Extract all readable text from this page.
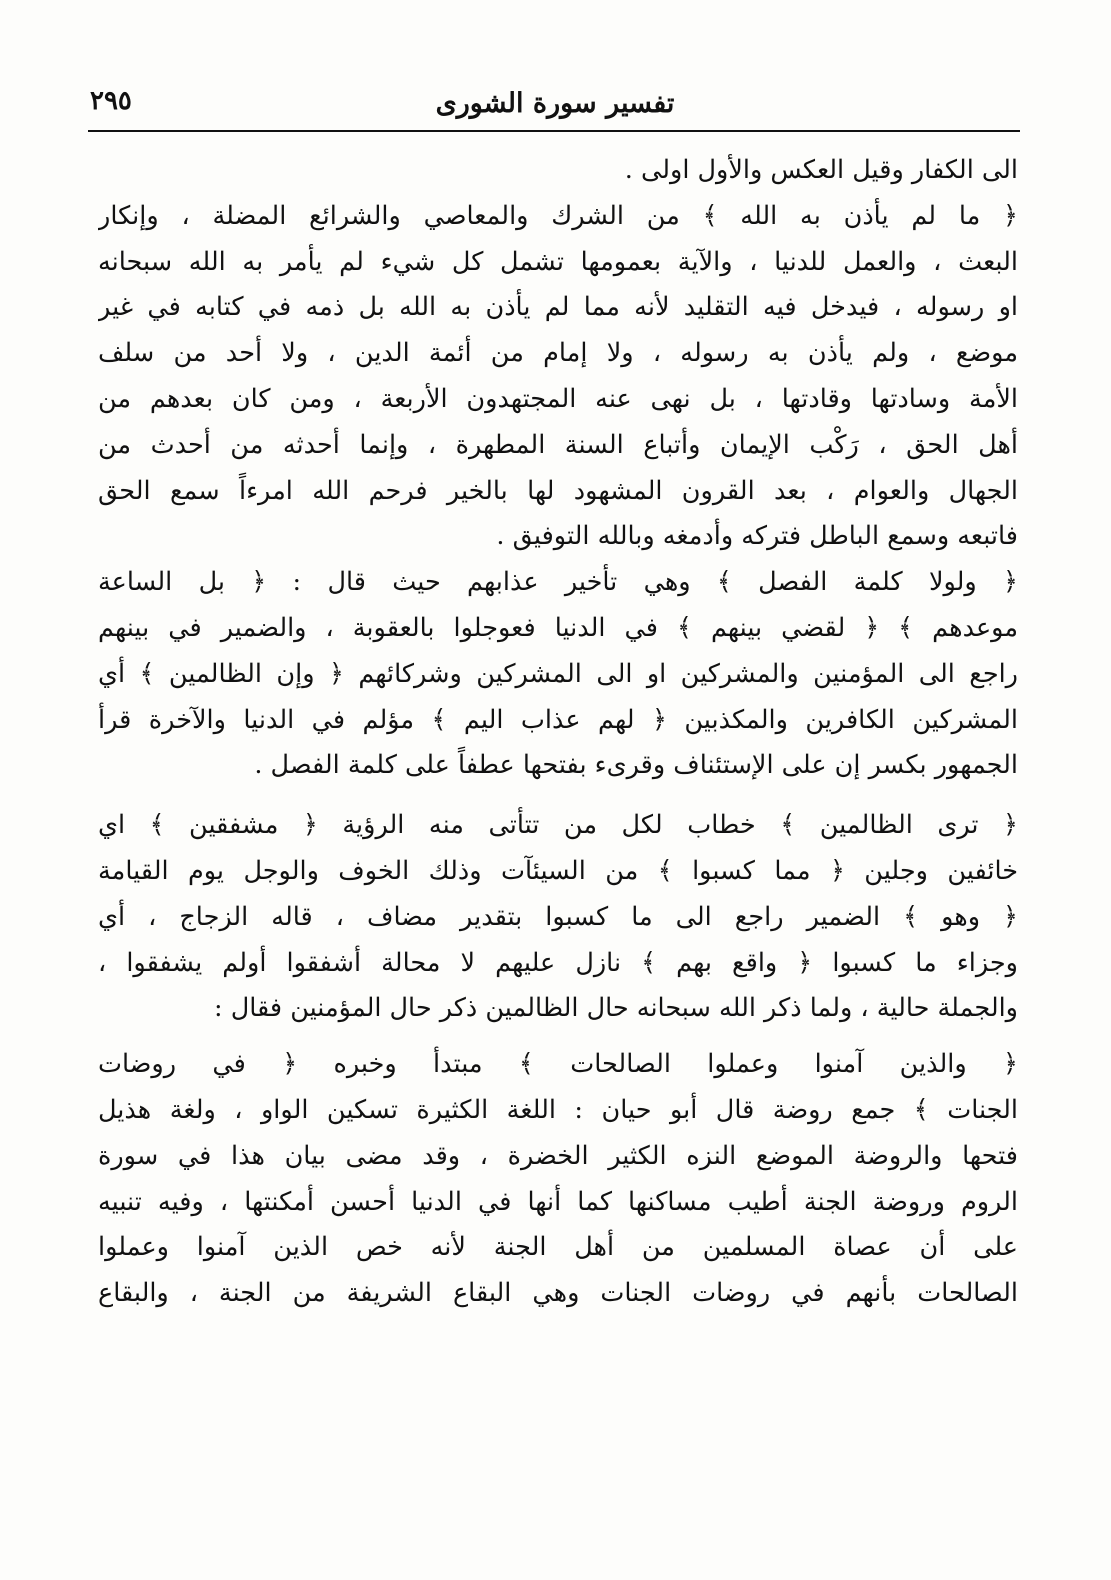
تفسير سورة الشورى
٢٩٥
الى الكفار وقيل العكس والأول اولى .
﴿ ما لم يأذن به الله ﴾ من الشرك والمعاصي والشرائع المضلة ، وإنكار
البعث ، والعمل للدنيا ، والآية بعمومها تشمل كل شيء لم يأمر به الله سبحانه
او رسوله ، فيدخل فيه التقليد لأنه مما لم يأذن به الله بل ذمه في كتابه في غير
موضع ، ولم يأذن به رسوله ، ولا إمام من أئمة الدين ، ولا أحد من سلف
الأمة وسادتها وقادتها ، بل نهى عنه المجتهدون الأربعة ، ومن كان بعدهم من
أهل الحق ، رَكْب الإيمان وأتباع السنة المطهرة ، وإنما أحدثه من أحدث من
الجهال والعوام ، بعد القرون المشهود لها بالخير فرحم الله امرءاً سمع الحق
فاتبعه وسمع الباطل فتركه وأدمغه وبالله التوفيق .
﴿ ولولا كلمة الفصل ﴾ وهي تأخير عذابهم حيث قال : ﴿ بل الساعة
موعدهم ﴾ ﴿ لقضي بينهم ﴾ في الدنيا فعوجلوا بالعقوبة ، والضمير في بينهم
راجع الى المؤمنين والمشركين او الى المشركين وشركائهم ﴿ وإن الظالمين ﴾ أي
المشركين الكافرين والمكذبين ﴿ لهم عذاب اليم ﴾ مؤلم في الدنيا والآخرة قرأ
الجمهور بكسر إن على الإستئناف وقرىء بفتحها عطفاً على كلمة الفصل .
﴿ ترى الظالمين ﴾ خطاب لكل من تتأتى منه الرؤية ﴿ مشفقين ﴾ اي
خائفين وجلين ﴿ مما كسبوا ﴾ من السيئآت وذلك الخوف والوجل يوم القيامة
﴿ وهو ﴾ الضمير راجع الى ما كسبوا بتقدير مضاف ، قاله الزجاج ، أي
وجزاء ما كسبوا ﴿ واقع بهم ﴾ نازل عليهم لا محالة أشفقوا أولم يشفقوا ،
والجملة حالية ، ولما ذكر الله سبحانه حال الظالمين ذكر حال المؤمنين فقال :
﴿ والذين آمنوا وعملوا الصالحات ﴾ مبتدأ وخبره ﴿ في روضات
الجنات ﴾ جمع روضة قال أبو حيان : اللغة الكثيرة تسكين الواو ، ولغة هذيل
فتحها والروضة الموضع النزه الكثير الخضرة ، وقد مضى بيان هذا في سورة
الروم وروضة الجنة أطيب مساكنها كما أنها في الدنيا أحسن أمكنتها ، وفيه تنبيه
على أن عصاة المسلمين من أهل الجنة لأنه خص الذين آمنوا وعملوا
الصالحات بأنهم في روضات الجنات وهي البقاع الشريفة من الجنة ، والبقاع
